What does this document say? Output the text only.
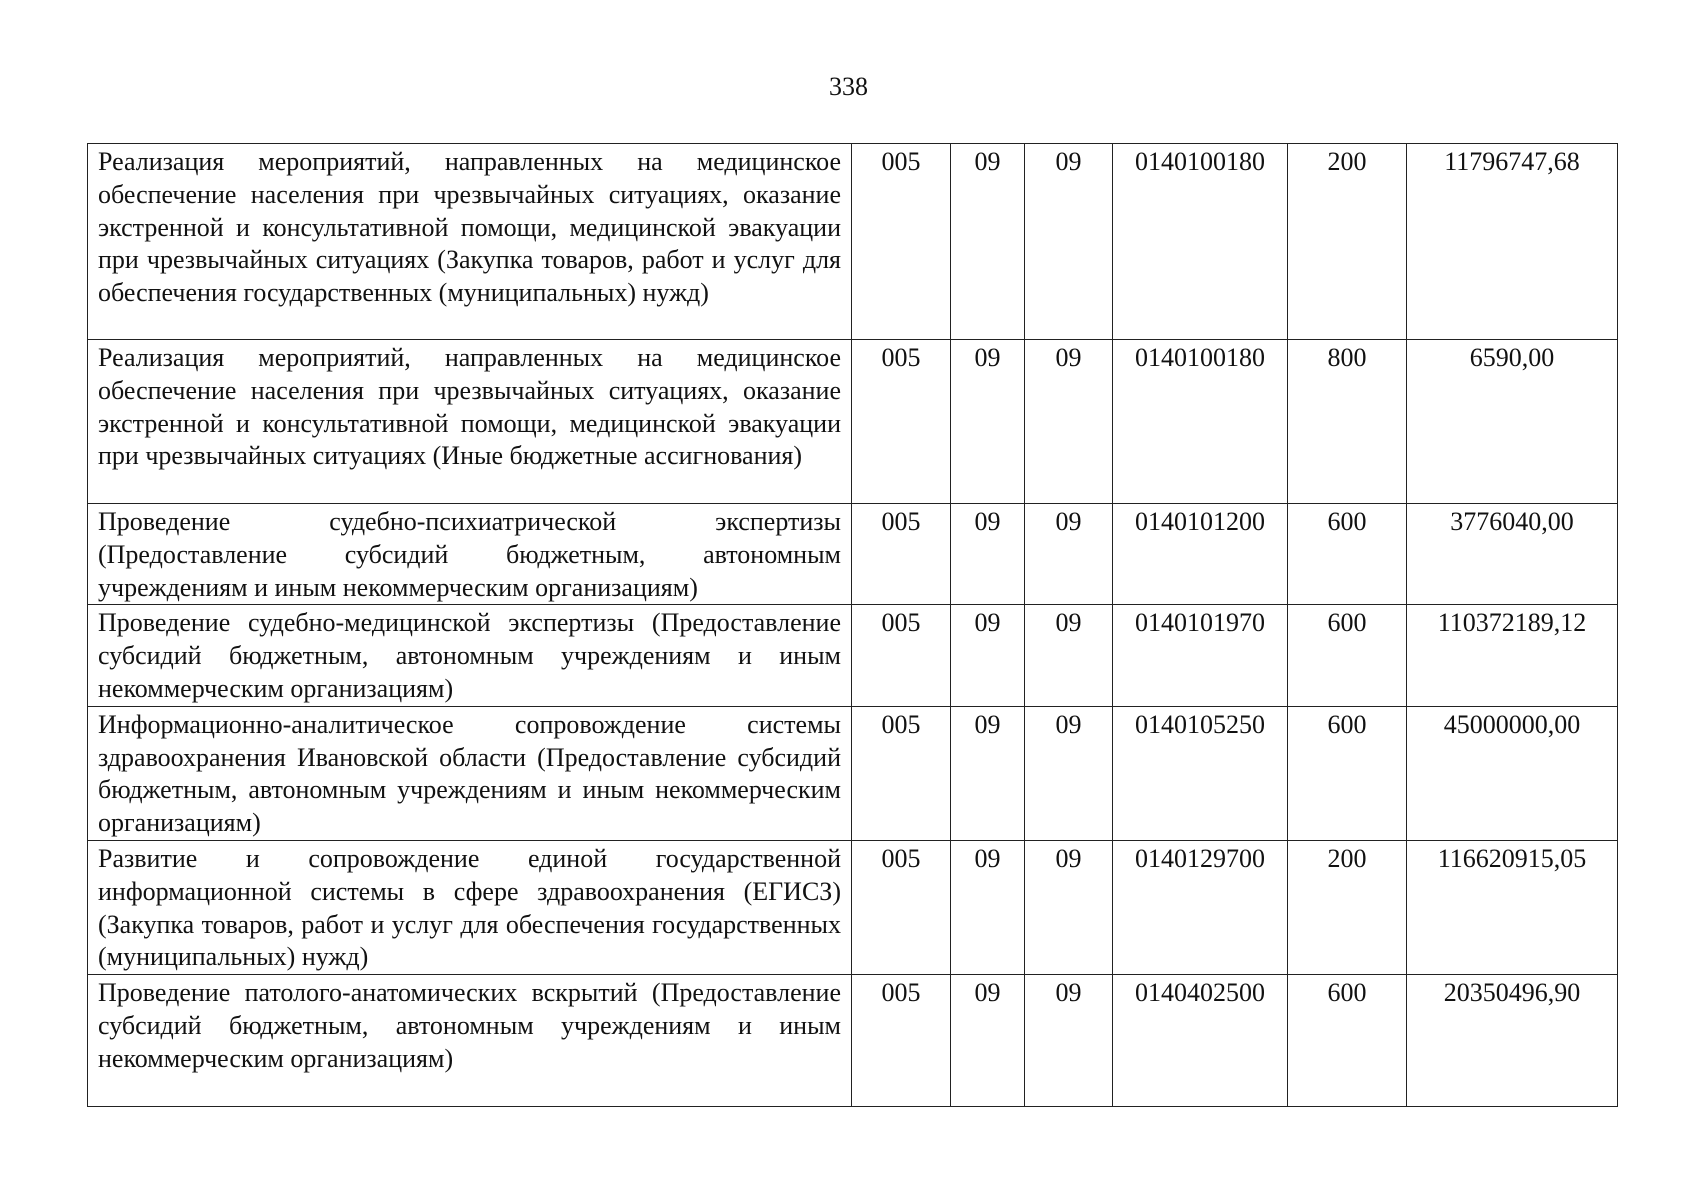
338
Реализация мероприятий, направленных на медицинское обеспечение населения при чрезвычайных ситуациях, оказание экстренной и консультативной помощи, медицинской эвакуации при чрезвычайных ситуациях (Закупка товаров, работ и услуг для обеспечения государственных (муниципальных) нужд)	005	09	09	0140100180	200	11796747,68
Реализация мероприятий, направленных на медицинское обеспечение населения при чрезвычайных ситуациях, оказание экстренной и консультативной помощи, медицинской эвакуации при чрезвычайных ситуациях (Иные бюджетные ассигнования)	005	09	09	0140100180	800	6590,00
Проведение судебно-психиатрической экспертизы (Предоставление субсидий бюджетным, автономным учреждениям и иным некоммерческим организациям)	005	09	09	0140101200	600	3776040,00
Проведение судебно-медицинской экспертизы (Предоставление субсидий бюджетным, автономным учреждениям и иным некоммерческим организациям)	005	09	09	0140101970	600	110372189,12
Информационно-аналитическое сопровождение системы здравоохранения Ивановской области (Предоставление субсидий бюджетным, автономным учреждениям и иным некоммерческим организациям)	005	09	09	0140105250	600	45000000,00
Развитие и сопровождение единой государственной информационной системы в сфере здравоохранения (ЕГИСЗ) (Закупка товаров, работ и услуг для обеспечения государственных (муниципальных) нужд)	005	09	09	0140129700	200	116620915,05
Проведение патолого-анатомических вскрытий (Предоставление субсидий бюджетным, автономным учреждениям и иным некоммерческим организациям)	005	09	09	0140402500	600	20350496,90
